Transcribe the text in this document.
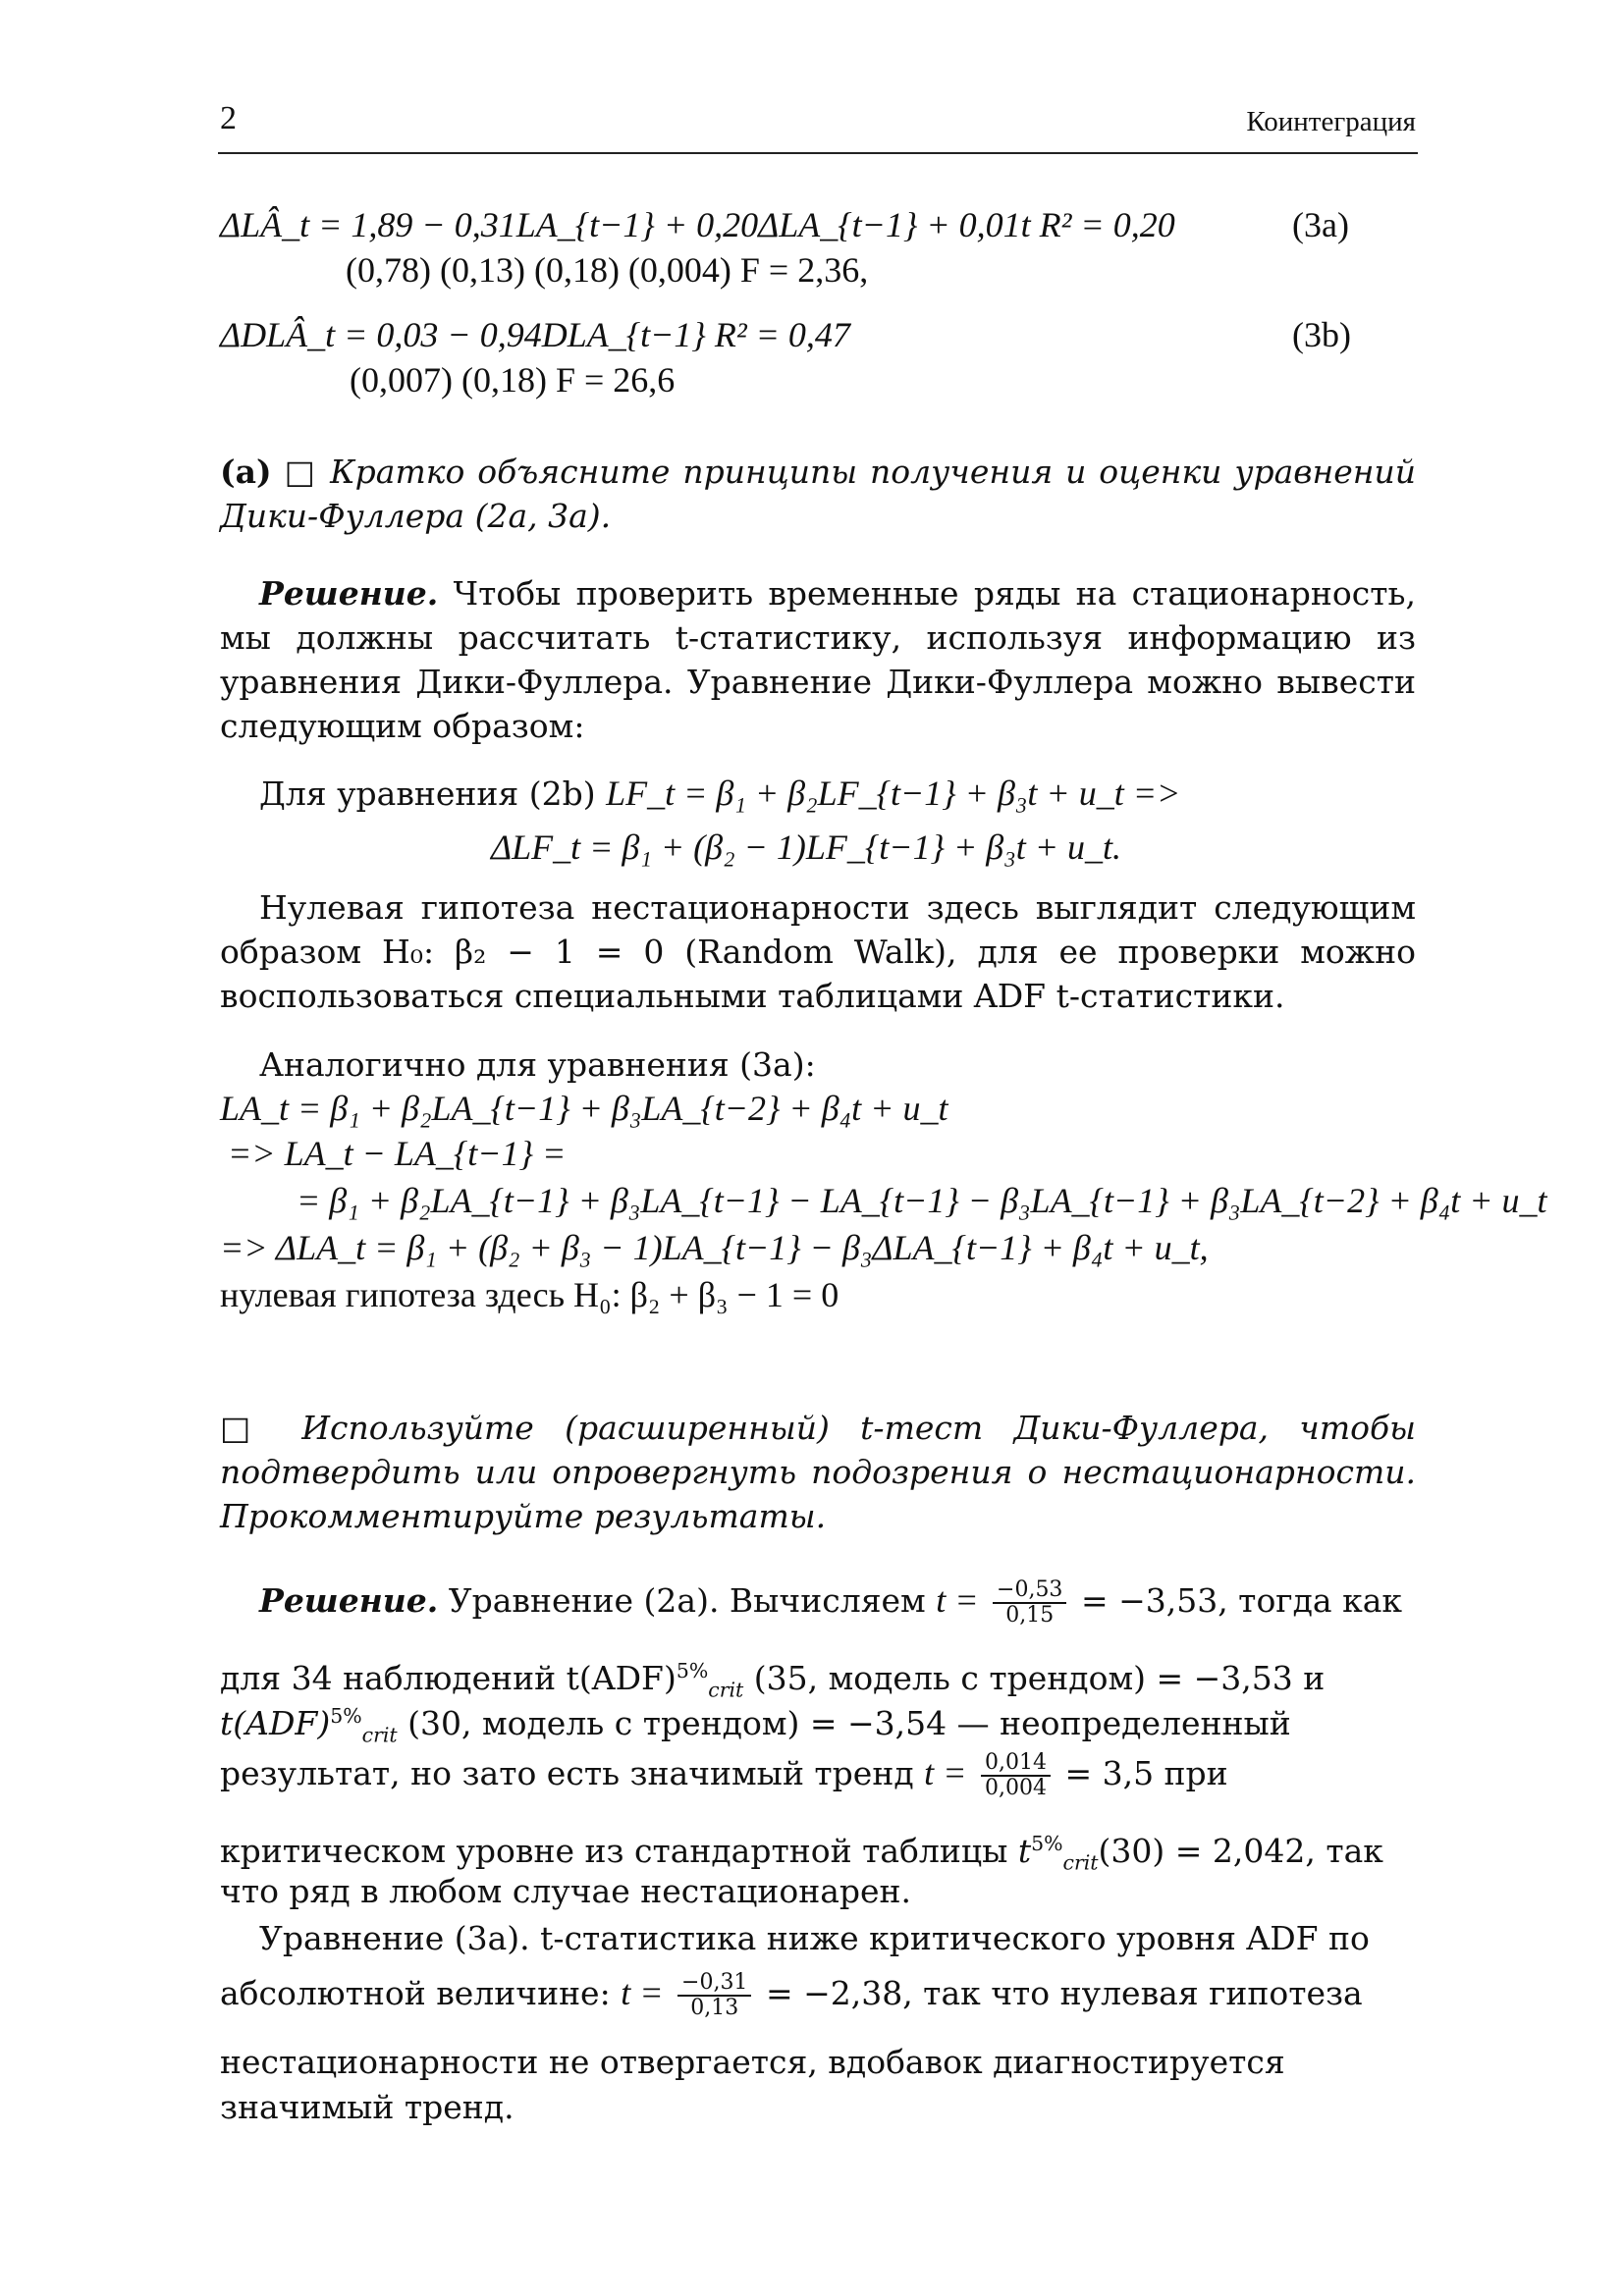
2	Коинтеграция
ΔLÂ_t = 1,89 − 0,31LA_{t−1} + 0,20ΔLA_{t−1} + 0,01t R² = 0,20	(3a)
(0,78) (0,13) (0,18) (0,004) F = 2,36,
ΔDLÂ_t = 0,03 − 0,94DLA_{t−1} R² = 0,47	(3b)
(0,007) (0,18) F = 26,6
(a) □ Кратко объясните принципы получения и оценки уравнений Дики-Фуллера (2a, 3a).
Решение. Чтобы проверить временные ряды на стационарность, мы должны рассчитать t-статистику, используя информацию из уравнения Дики-Фуллера. Уравнение Дики-Фуллера можно вывести следующим образом:
Для уравнения (2b) LF_t = β₁ + β₂LF_{t−1} + β₃t + u_t =>
ΔLF_t = β₁ + (β₂ − 1)LF_{t−1} + β₃t + u_t.
Нулевая гипотеза нестационарности здесь выглядит следующим образом H₀: β₂ − 1 = 0 (Random Walk), для ее проверки можно воспользоваться специальными таблицами ADF t-статистики.
Аналогично для уравнения (3a):
LA_t = β₁ + β₂LA_{t−1} + β₃LA_{t−2} + β₄t + u_t
=> LA_t − LA_{t−1} =
= β₁ + β₂LA_{t−1} + β₃LA_{t−1} − LA_{t−1} − β₃LA_{t−1} + β₃LA_{t−2} + β₄t + u_t
=> ΔLA_t = β₁ + (β₂ + β₃ − 1)LA_{t−1} − β₃ΔLA_{t−1} + β₄t + u_t,
нулевая гипотеза здесь H₀: β₂ + β₃ − 1 = 0
□ Используйте (расширенный) t-тест Дики-Фуллера, чтобы подтвердить или опровергнуть подозрения о нестационарности. Прокомментируйте результаты.
Решение. Уравнение (2a). Вычисляем $t = \frac{-0,53}{0,15} = -3,53$, тогда как
для 34 наблюдений t(ADF)$^{5\%}_{crit}$ (35, модель с трендом) = −3,53 и
t(ADF)$^{5\%}_{crit}$ (30, модель с трендом) = −3,54 — неопределенный
результат, но зато есть значимый тренд $t = \frac{0,014}{0,004} = 3,5$ при
критическом уровне из стандартной таблицы $t^{5\%}_{crit}(30) = 2,042$, так
что ряд в любом случае нестационарен.
Уравнение (3a). t-статистика ниже критического уровня ADF по
абсолютной величине: $t = \frac{-0,31}{0,13} = -2,38$, так что нулевая гипотеза
нестационарности не отвергается, вдобавок диагностируется
значимый тренд.
